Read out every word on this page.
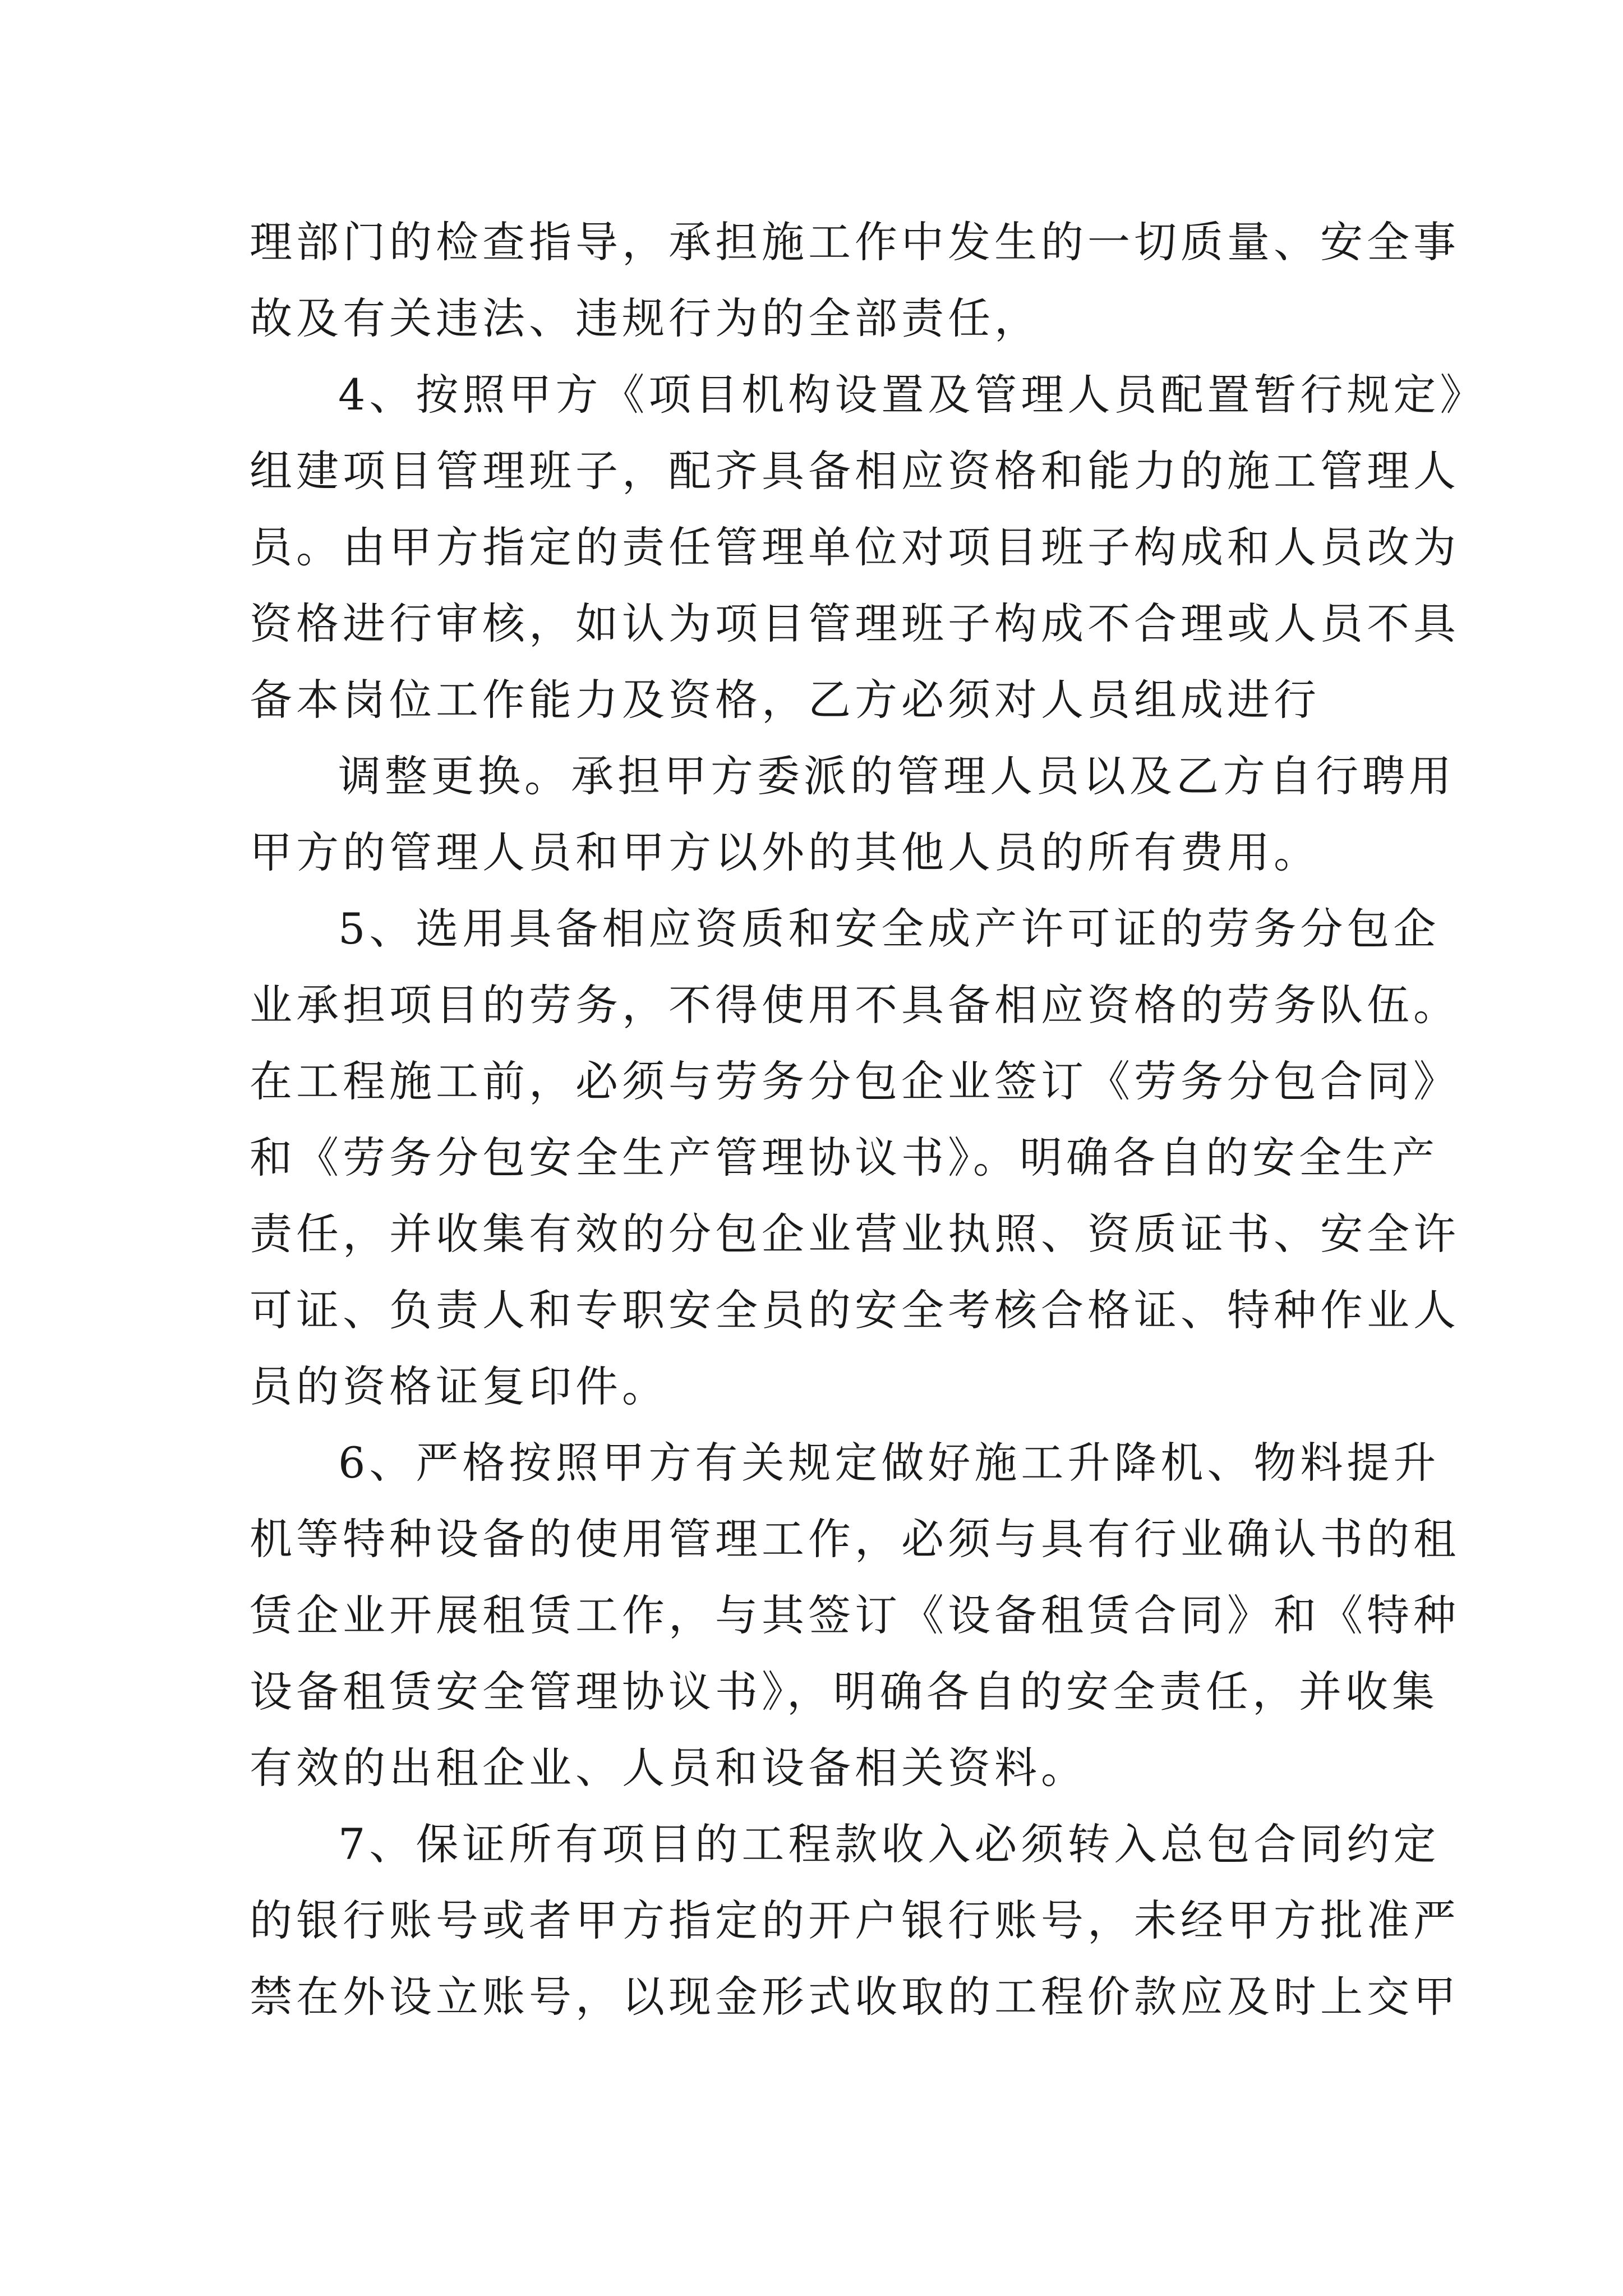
理部门的检查指导，承担施工作中发生的一切质量、安全事
故及有关违法、违规行为的全部责任，
4、按照甲方《项目机构设置及管理人员配置暂行规定》
组建项目管理班子，配齐具备相应资格和能力的施工管理人
员。由甲方指定的责任管理单位对项目班子构成和人员改为
资格进行审核，如认为项目管理班子构成不合理或人员不具
备本岗位工作能力及资格，乙方必须对人员组成进行
调整更换。承担甲方委派的管理人员以及乙方自行聘用
甲方的管理人员和甲方以外的其他人员的所有费用。
5、选用具备相应资质和安全成产许可证的劳务分包企
业承担项目的劳务，不得使用不具备相应资格的劳务队伍。
在工程施工前，必须与劳务分包企业签订《劳务分包合同》
和《劳务分包安全生产管理协议书》。明确各自的安全生产
责任，并收集有效的分包企业营业执照、资质证书、安全许
可证、负责人和专职安全员的安全考核合格证、特种作业人
员的资格证复印件。
6、严格按照甲方有关规定做好施工升降机、物料提升
机等特种设备的使用管理工作，必须与具有行业确认书的租
赁企业开展租赁工作，与其签订《设备租赁合同》和《特种
设备租赁安全管理协议书》，明确各自的安全责任，并收集
有效的出租企业、人员和设备相关资料。
7、保证所有项目的工程款收入必须转入总包合同约定
的银行账号或者甲方指定的开户银行账号，未经甲方批准严
禁在外设立账号，以现金形式收取的工程价款应及时上交甲
